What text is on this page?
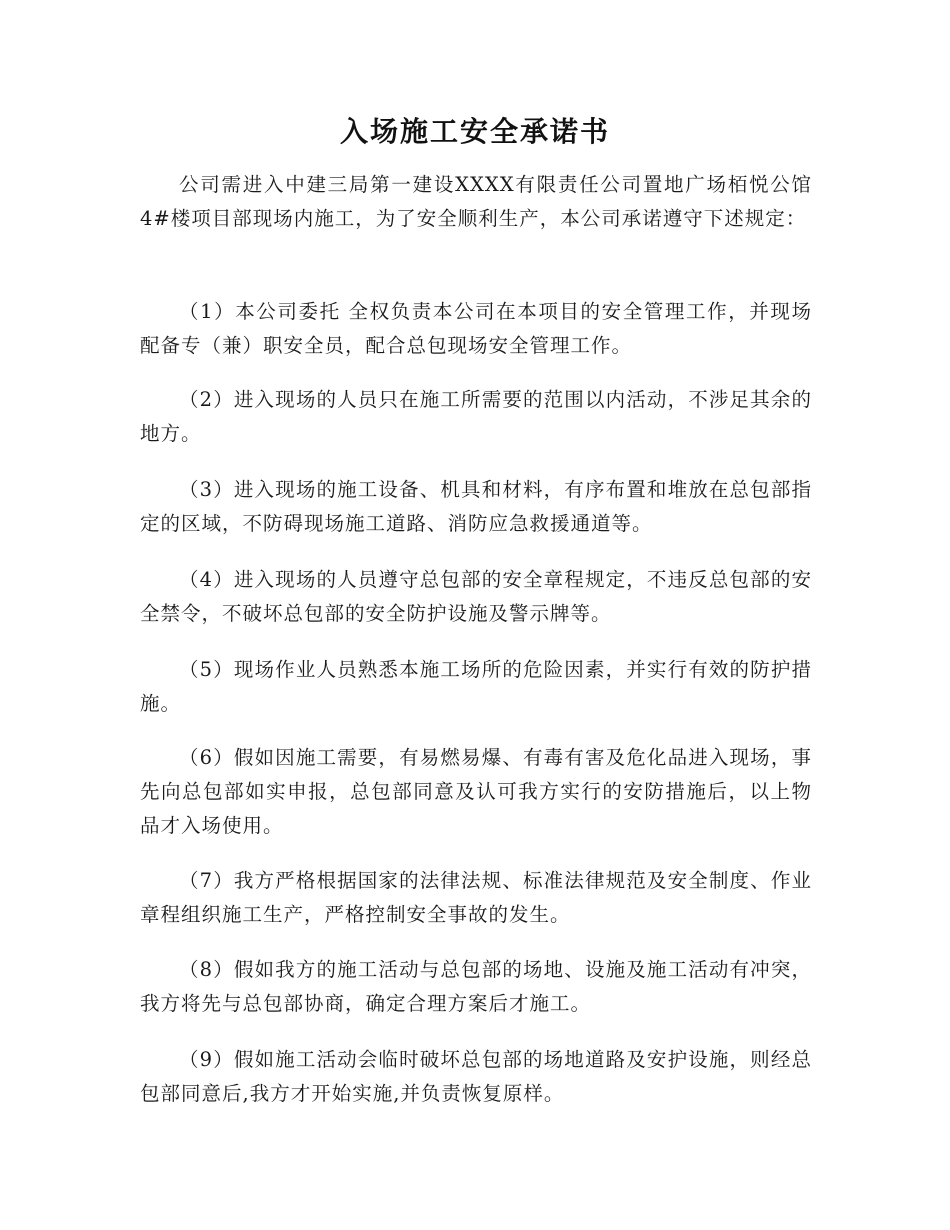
入场施工安全承诺书

公司需进入中建三局第一建设XXXX有限责任公司置地广场栢悦公馆4#楼项目部现场内施工，为了安全顺利生产，本公司承诺遵守下述规定：

（1）本公司委托 全权负责本公司在本项目的安全管理工作，并现场配备专（兼）职安全员，配合总包现场安全管理工作。

（2）进入现场的人员只在施工所需要的范围以内活动，不涉足其余的地方。

（3）进入现场的施工设备、机具和材料，有序布置和堆放在总包部指定的区域，不防碍现场施工道路、消防应急救援通道等。

（4）进入现场的人员遵守总包部的安全章程规定，不违反总包部的安全禁令，不破坏总包部的安全防护设施及警示牌等。

（5）现场作业人员熟悉本施工场所的危险因素，并实行有效的防护措施。

（6）假如因施工需要，有易燃易爆、有毒有害及危化品进入现场，事先向总包部如实申报，总包部同意及认可我方实行的安防措施后，以上物品才入场使用。

（7）我方严格根据国家的法律法规、标准法律规范及安全制度、作业章程组织施工生产，严格控制安全事故的发生。

（8）假如我方的施工活动与总包部的场地、设施及施工活动有冲突，我方将先与总包部协商，确定合理方案后才施工。

（9）假如施工活动会临时破坏总包部的场地道路及安护设施，则经总包部同意后,我方才开始实施,并负责恢复原样。
